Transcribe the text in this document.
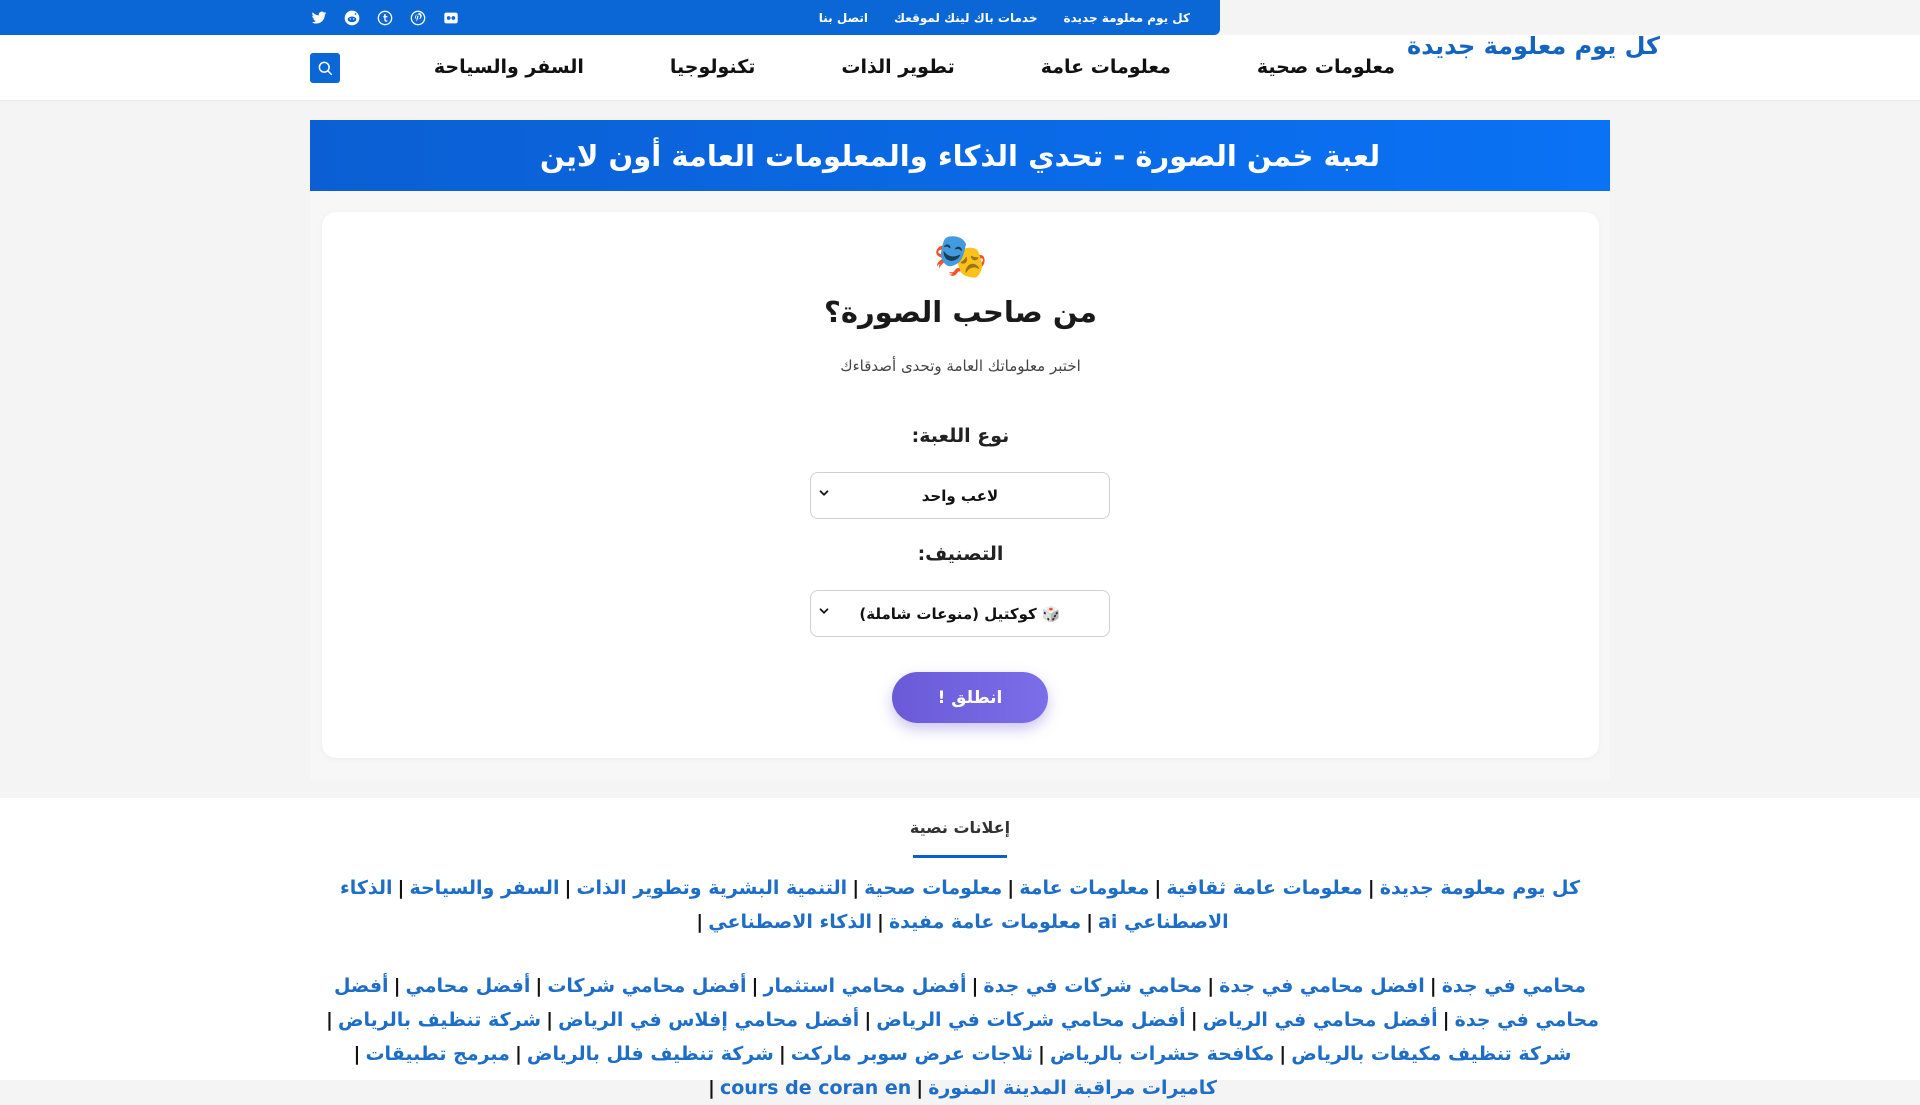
كل يوم معلومة جديدة
خدمات باك لينك لموقعك
اتصل بنا
كل يوم معلومة جديدة
معلومات صحية
معلومات عامة
تطوير الذات
تكنولوجيا
السفر والسياحة
لعبة خمن الصورة - تحدي الذكاء والمعلومات العامة أون لاين
🎭
من صاحب الصورة؟
اختبر معلوماتك العامة وتحدى أصدقاءك
نوع اللعبة:
لاعب واحد
التصنيف:
🎲 كوكتيل (منوعات شاملة)
انطلق !
إعلانات نصية
كل يوم معلومة جديدة|معلومات عامة ثقافية|معلومات عامة|معلومات صحية|التنمية البشرية وتطوير الذات|السفر والسياحة|الذكاء الاصطناعي ai|معلومات عامة مفيدة|الذكاء الاصطناعي|
محامي في جدة|افضل محامي في جدة|محامي شركات في جدة|أفضل محامي استثمار|أفضل محامي شركات|أفضل محامي|أفضل محامي في جدة|أفضل محامي في الرياض|أفضل محامي شركات في الرياض|أفضل محامي إفلاس في الرياض|شركة تنظيف بالرياض|شركة تنظيف مكيفات بالرياض|مكافحة حشرات بالرياض|ثلاجات عرض سوبر ماركت|شركة تنظيف فلل بالرياض|مبرمج تطبيقات|كاميرات مراقبة المدينة المنورة|cours de coran en|
